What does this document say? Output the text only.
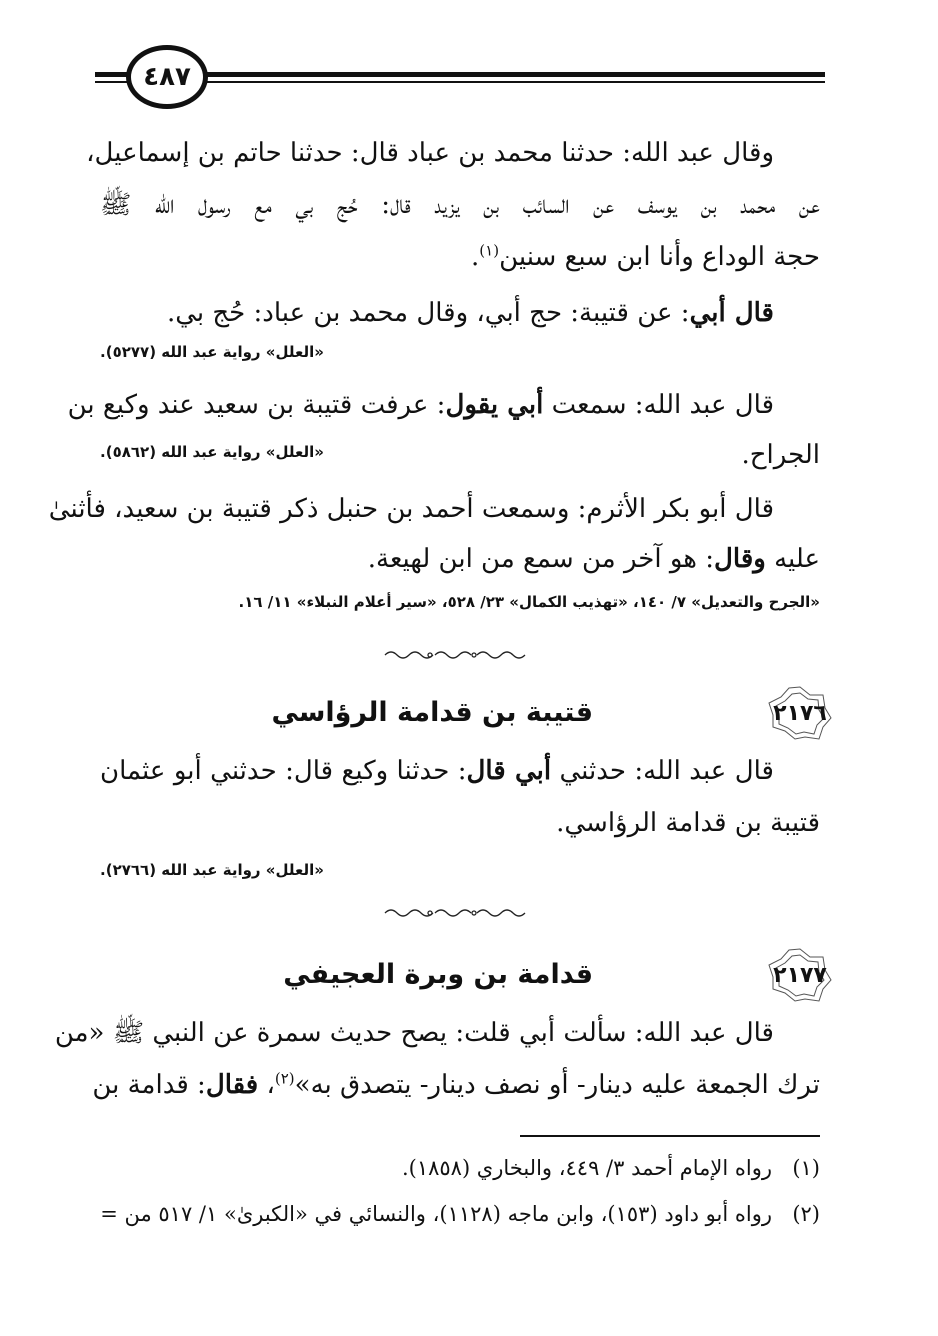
٤٨٧
وقال عبد الله: حدثنا محمد بن عباد قال: حدثنا حاتم بن إسماعيل،
عن محمد بن يوسف عن السائب بن يزيد قال: حُج بي مع رسول الله ﷺ
حجة الوداع وأنا ابن سبع سنين$^{(١)}$.
قال أبي: عن قتيبة: حج أبي، وقال محمد بن عباد: حُج بي.
«العلل» رواية عبد الله (٥٢٧٧).
قال عبد الله: سمعت أبي يقول: عرفت قتيبة بن سعيد عند وكيع بن
الجراح.
«العلل» رواية عبد الله (٥٨٦٢).
قال أبو بكر الأثرم: وسمعت أحمد بن حنبل ذكر قتيبة بن سعيد، فأثنىٰ
عليه وقال: هو آخر من سمع من ابن لهيعة.
«الجرح والتعديل» ٧/ ١٤٠، «تهذيب الكمال» ٢٣/ ٥٢٨، «سير أعلام النبلاء» ١١/ ١٦.
٢١٧٦
قتيبة بن قدامة الرؤاسي
قال عبد الله: حدثني أبي قال: حدثنا وكيع قال: حدثني أبو عثمان
قتيبة بن قدامة الرؤاسي.
«العلل» رواية عبد الله (٢٧٦٦).
٢١٧٧
قدامة بن وبرة العجيفي
قال عبد الله: سألت أبي قلت: يصح حديث سمرة عن النبي ﷺ «من
ترك الجمعة عليه دينار- أو نصف دينار- يتصدق به»$^{(٢)}$، فقال: قدامة بن
(١)رواه الإمام أحمد ٣/ ٤٤٩، والبخاري (١٨٥٨).
(٢)رواه أبو داود (١٥٣)، وابن ماجه (١١٢٨)، والنسائي في «الكبرىٰ» ١/ ٥١٧ من =
